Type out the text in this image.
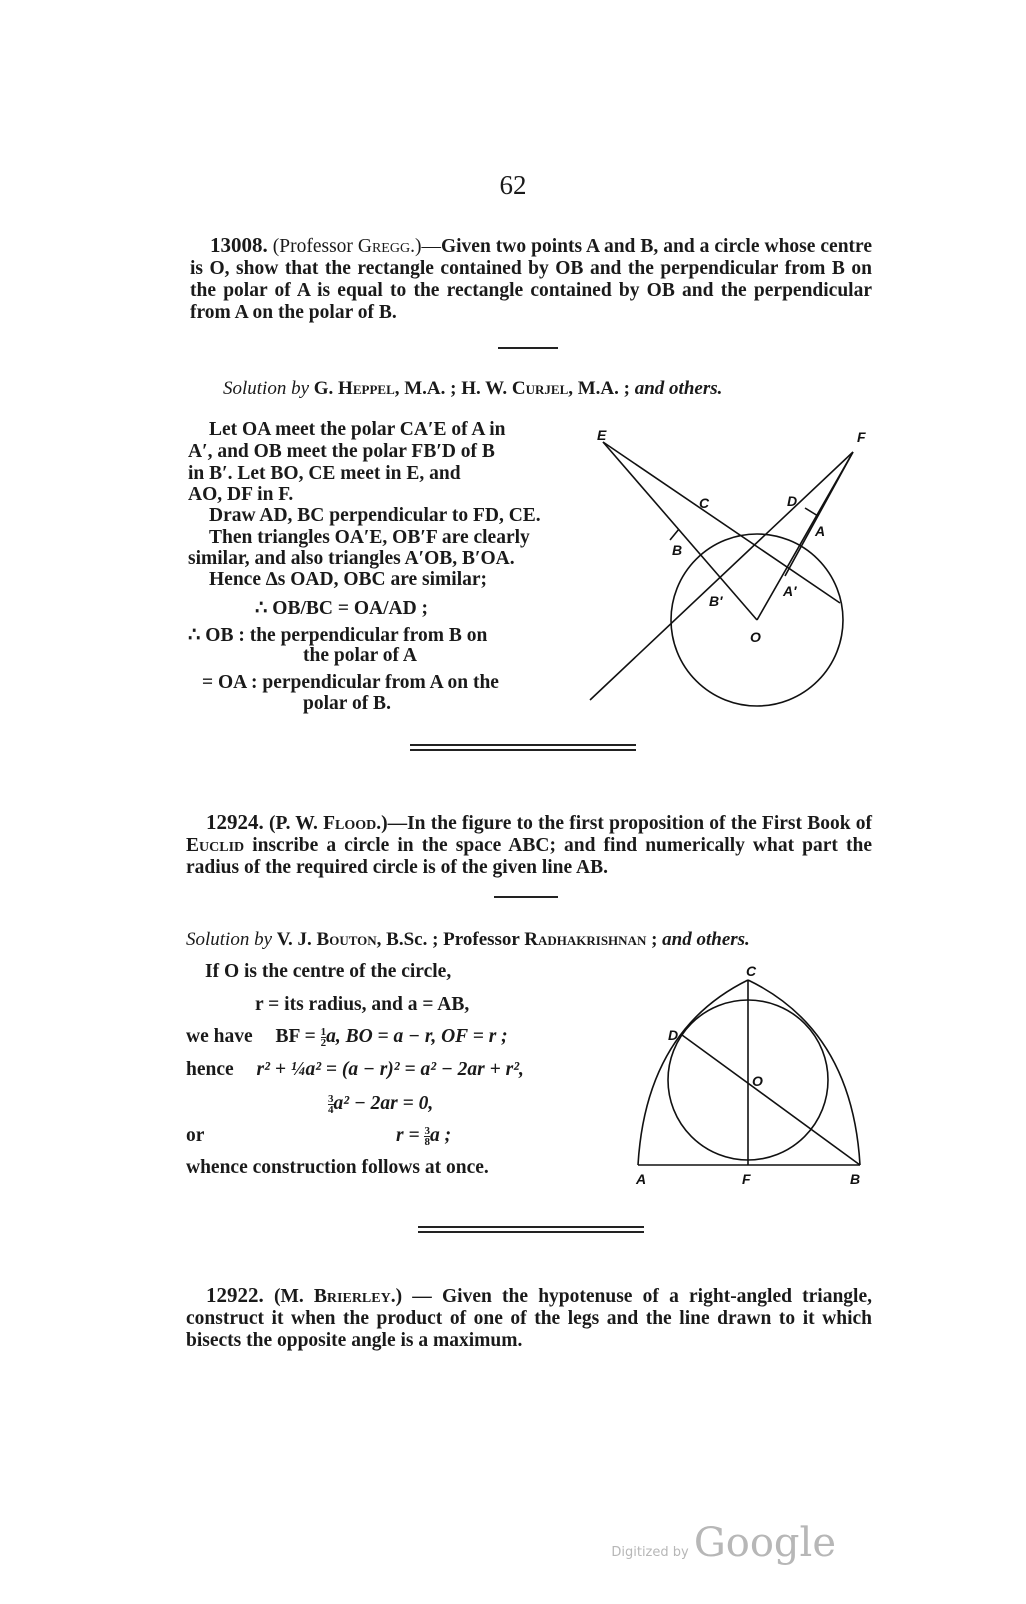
62
13008. (Professor Gregg.)—Given two points A and B, and a circle whose centre is O, show that the rectangle contained by OB and the perpendicular from B on the polar of A is equal to the rectangle contained by OB and the perpendicular from A on the polar of B.
Solution by G. Heppel, M.A. ; H. W. Curjel, M.A. ; and others.
Let OA meet the polar CA′E of A in
A′, and OB meet the polar FB′D of B
in B′. Let BO, CE meet in E, and
AO, DF in F.
Draw AD, BC perpendicular to FD, CE.
Then triangles OA′E, OB′F are clearly
similar, and also triangles A′OB, B′OA.
Hence ∆s OAD, OBC are similar;
∴ OB/BC = OA/AD ;
∴ OB : the perpendicular from B on
the polar of A
= OA : perpendicular from A on the
polar of B.
E	F
C	D
A
B
B′
A′
O
12924. (P. W. Flood.)—In the figure to the first proposition of the First Book of Euclid inscribe a circle in the space ABC; and find numerically what part the radius of the required circle is of the given line AB.
Solution by V. J. Bouton, B.Sc. ; Professor Radhakrishnan ; and others.
If O is the centre of the circle,
r = its radius, and a = AB,
we have BF = $\frac{1}{2} a$, BO = a − r, OF = r ;
hence r² + ¼a² = (a − r)² = a² − 2ar + r²,
$\frac{3}{4} a^2 - 2ar = 0$,
or	$r = \frac{3}{8}$ a ;
whence construction follows at once.
C
D
O
A	F	B
12922. (M. Brierley.) — Given the hypotenuse of a right-angled triangle, construct it when the product of one of the legs and the line drawn to it which bisects the opposite angle is a maximum.
Digitized by Google
